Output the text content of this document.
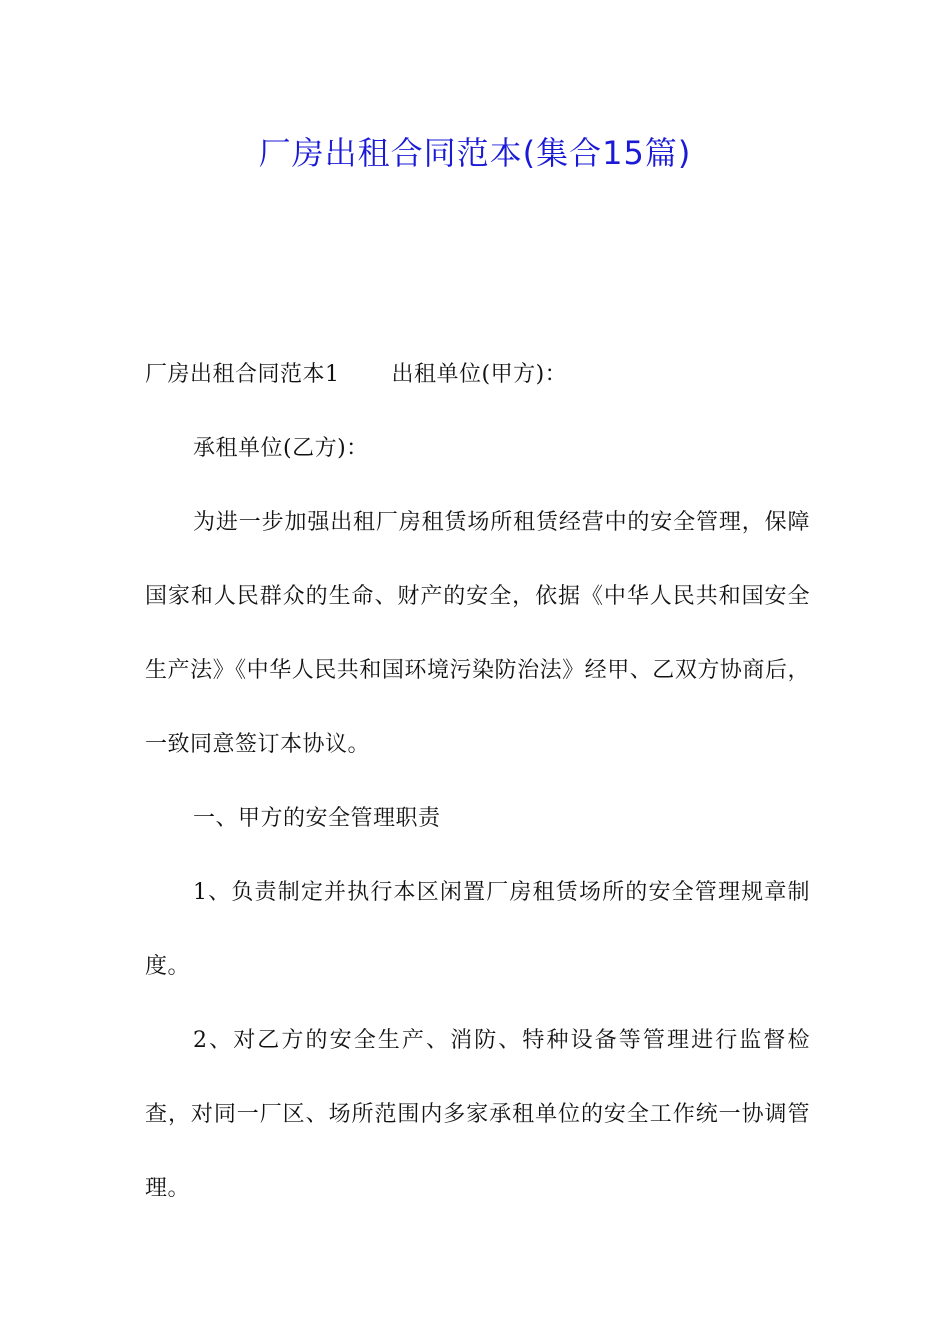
厂房出租合同范本(集合15篇)

厂房出租合同范本1 出租单位(甲方)：

承租单位(乙方)：

为进一步加强出租厂房租赁场所租赁经营中的安全管理，保障国家和人民群众的生命、财产的安全，依据《中华人民共和国安全生产法》《中华人民共和国环境污染防治法》经甲、乙双方协商后，一致同意签订本协议。

一、甲方的安全管理职责

1、负责制定并执行本区闲置厂房租赁场所的安全管理规章制度。

2、对乙方的安全生产、消防、特种设备等管理进行监督检查，对同一厂区、场所范围内多家承租单位的安全工作统一协调管理。
